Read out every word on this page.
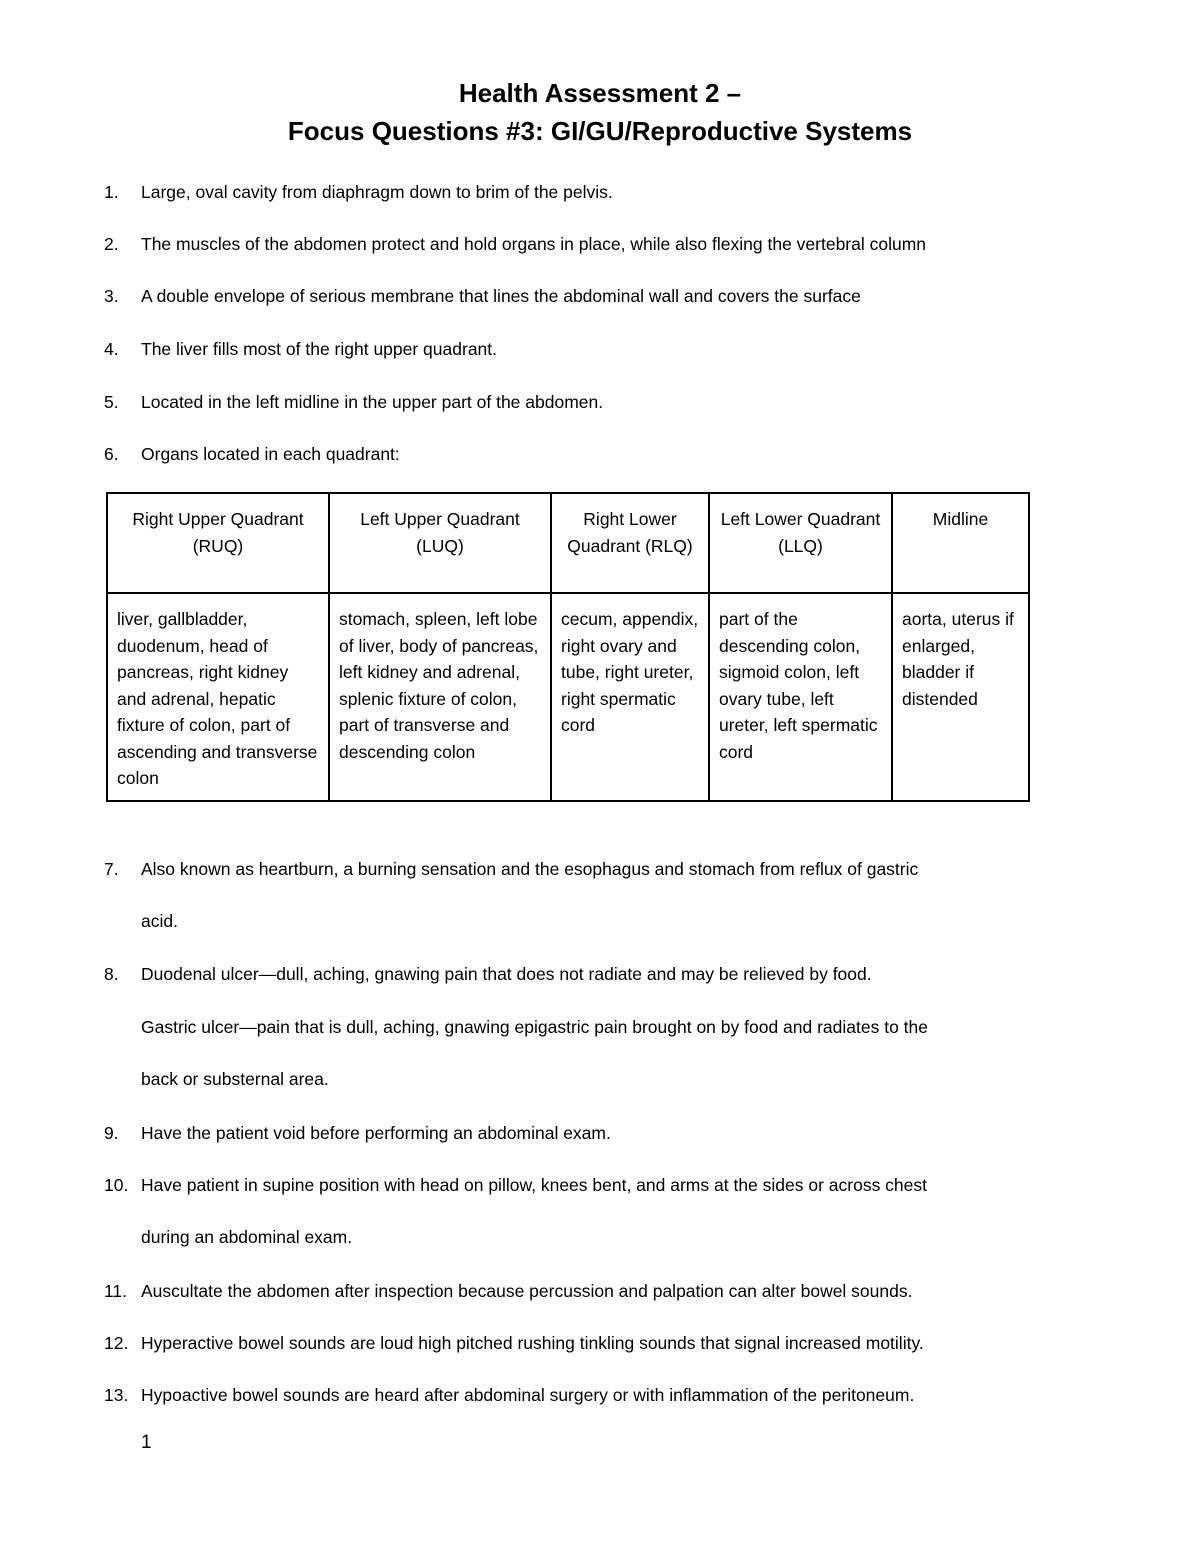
Health Assessment 2 –
Focus Questions #3: GI/GU/Reproductive Systems
1. Large, oval cavity from diaphragm down to brim of the pelvis.
2. The muscles of the abdomen protect and hold organs in place, while also flexing the vertebral column
3. A double envelope of serious membrane that lines the abdominal wall and covers the surface
4. The liver fills most of the right upper quadrant.
5. Located in the left midline in the upper part of the abdomen.
6. Organs located in each quadrant:
Right Upper Quadrant (RUQ)	Left Upper Quadrant (LUQ)	Right Lower Quadrant (RLQ)	Left Lower Quadrant (LLQ)	Midline
liver, gallbladder, duodenum, head of pancreas, right kidney and adrenal, hepatic fixture of colon, part of ascending and transverse colon	stomach, spleen, left lobe of liver, body of pancreas, left kidney and adrenal, splenic fixture of colon, part of transverse and descending colon	cecum, appendix, right ovary and tube, right ureter, right spermatic cord	part of the descending colon, sigmoid colon, left ovary tube, left ureter, left spermatic cord	aorta, uterus if enlarged, bladder if distended
7. Also known as heartburn, a burning sensation and the esophagus and stomach from reflux of gastric
acid.
8. Duodenal ulcer—dull, aching, gnawing pain that does not radiate and may be relieved by food.
Gastric ulcer—pain that is dull, aching, gnawing epigastric pain brought on by food and radiates to the
back or substernal area.
9. Have the patient void before performing an abdominal exam.
10. Have patient in supine position with head on pillow, knees bent, and arms at the sides or across chest
during an abdominal exam.
11. Auscultate the abdomen after inspection because percussion and palpation can alter bowel sounds.
12. Hyperactive bowel sounds are loud high pitched rushing tinkling sounds that signal increased motility.
13. Hypoactive bowel sounds are heard after abdominal surgery or with inflammation of the peritoneum.
1
